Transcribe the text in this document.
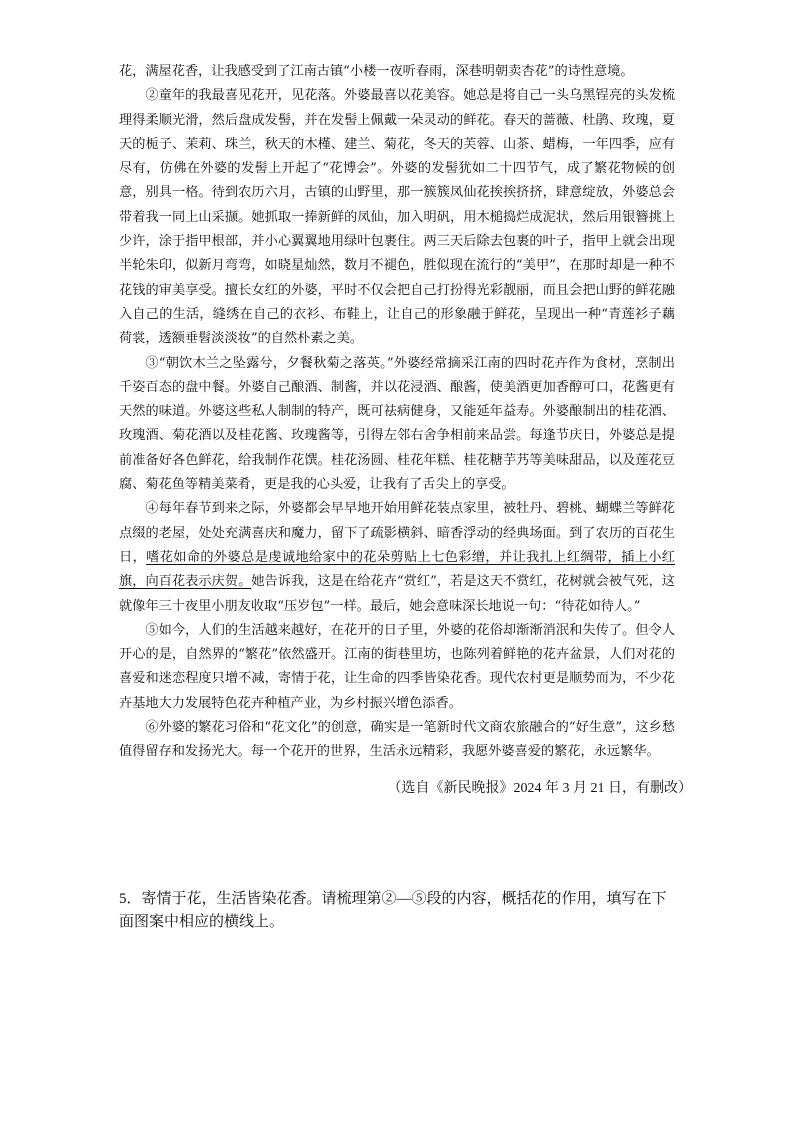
花，满屋花香，让我感受到了江南古镇“小楼一夜听春雨，深巷明朝卖杏花”的诗性意境。

②童年的我最喜见花开，见花落。外婆最喜以花美容。她总是将自己一头乌黑锃亮的头发梳理得柔顺光滑，然后盘成发髻，并在发髻上佩戴一朵灵动的鲜花。春天的蔷薇、杜鹃、玫瑰，夏天的栀子、茉莉、珠兰，秋天的木槿、建兰、菊花，冬天的芙蓉、山茶、蜡梅，一年四季，应有尽有，仿佛在外婆的发髻上开起了“花博会”。外婆的发髻犹如二十四节气，成了繁花物候的创意，别具一格。待到农历六月，古镇的山野里，那一簇簇凤仙花挨挨挤挤，肆意绽放，外婆总会带着我一同上山采撷。她抓取一捧新鲜的凤仙，加入明矾，用木槌捣烂成泥状，然后用银簪挑上少许，涂于指甲根部，并小心翼翼地用绿叶包裹住。两三天后除去包裹的叶子，指甲上就会出现半轮朱印，似新月弯弯，如晓星灿然，数月不褪色，胜似现在流行的“美甲”，在那时却是一种不花钱的审美享受。擅长女红的外婆，平时不仅会把自己打扮得光彩靓丽，而且会把山野的鲜花融入自己的生活，缝绣在自己的衣衫、布鞋上，让自己的形象融于鲜花，呈现出一种“青莲衫子藕荷裳，透额垂髫淡淡妆”的自然朴素之美。

③“朝饮木兰之坠露兮，夕餐秋菊之落英。”外婆经常摘采江南的四时花卉作为食材，烹制出千姿百态的盘中餐。外婆自己酿酒、制酱，并以花浸酒、酿酱，使美酒更加香醇可口，花酱更有天然的味道。外婆这些私人制制的特产，既可祛病健身，又能延年益寿。外婆酿制出的桂花酒、玫瑰酒、菊花酒以及桂花酱、玫瑰酱等，引得左邻右舍争相前来品尝。每逢节庆日，外婆总是提前准备好各色鲜花，给我制作花馔。桂花汤圆、桂花年糕、桂花糖芋艿等美味甜品，以及莲花豆腐、菊花鱼等精美菜肴，更是我的心头爱，让我有了舌尖上的享受。

④每年春节到来之际，外婆都会早早地开始用鲜花装点家里，被牡丹、碧桃、蝴蝶兰等鲜花点缀的老屋，处处充满喜庆和魔力，留下了疏影横斜、暗香浮动的经典场面。到了农历的百花生日，嗜花如命的外婆总是虔诚地给家中的花朵剪贴上七色彩缯，并让我扎上红绸带，插上小红旗，向百花表示庆贺。她告诉我，这是在给花卉“赏红”，若是这天不赏红，花树就会被气死，这就像年三十夜里小朋友收取“压岁包”一样。最后，她会意味深长地说一句：“待花如待人。”

⑤如今，人们的生活越来越好，在花开的日子里，外婆的花俗却渐渐消泯和失传了。但令人开心的是，自然界的“繁花”依然盛开。江南的街巷里坊，也陈列着鲜艳的花卉盆景，人们对花的喜爱和迷恋程度只增不减，寄情于花，让生命的四季皆染花香。现代农村更是顺势而为，不少花卉基地大力发展特色花卉种植产业，为乡村振兴增色添香。

⑥外婆的繁花习俗和“花文化”的创意，确实是一笔新时代文商农旅融合的“好生意”，这乡愁值得留存和发扬光大。每一个花开的世界，生活永远精彩，我愿外婆喜爱的繁花，永远繁华。

（选自《新民晚报》2024 年 3 月 21 日，有删改）

5．寄情于花，生活皆染花香。请梳理第②—⑤段的内容，概括花的作用，填写在下面图案中相应的横线上。
